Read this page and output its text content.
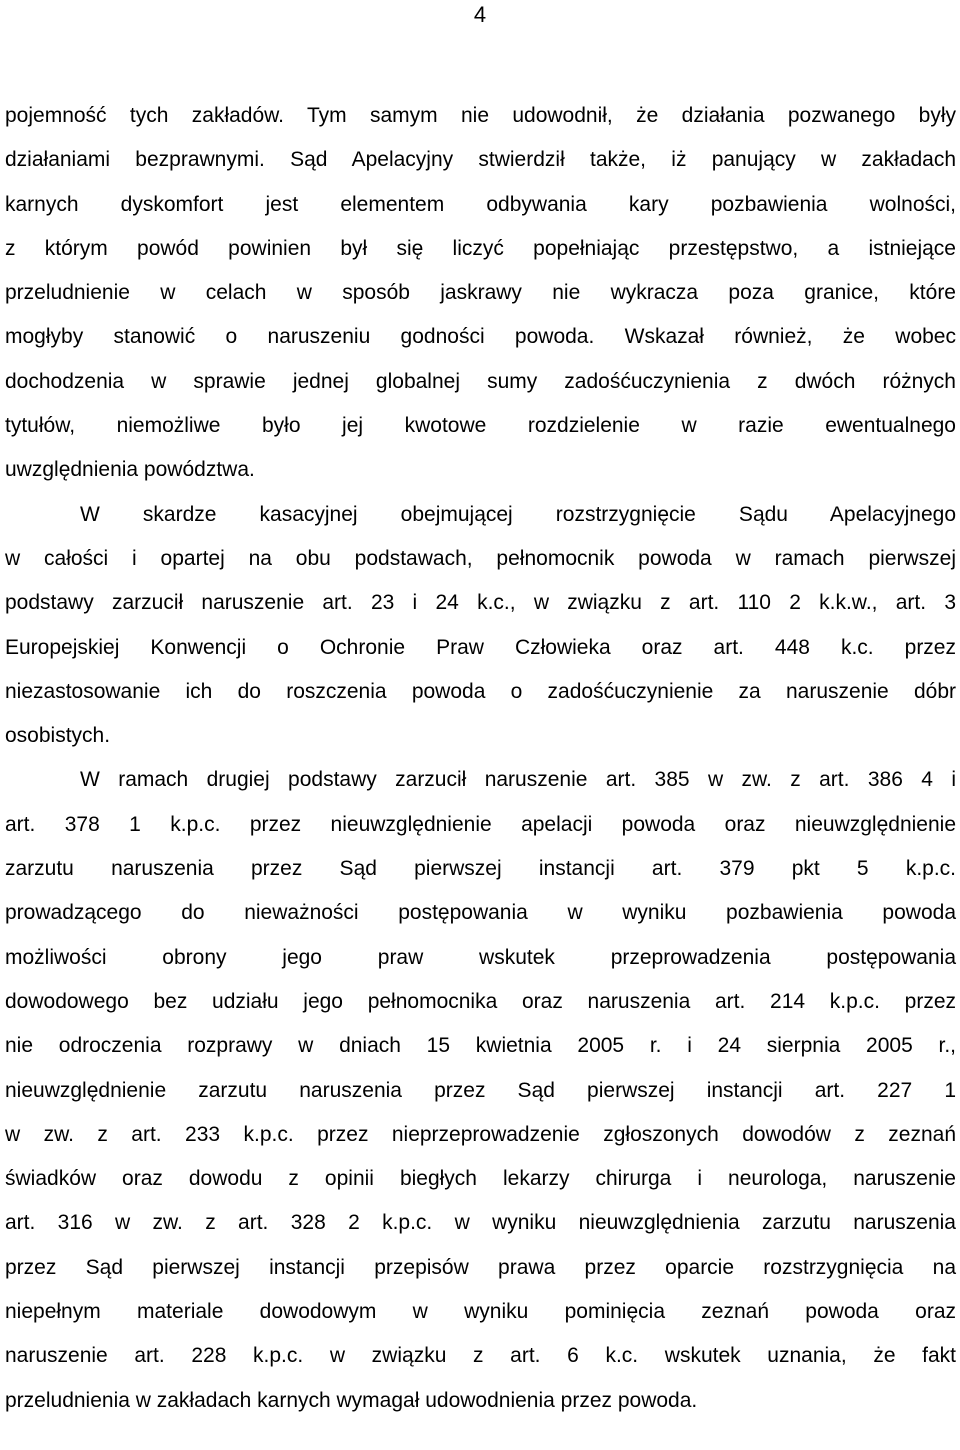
4
pojemność tych zakładów. Tym samym nie udowodnił, że działania pozwanego były
działaniami bezprawnymi. Sąd Apelacyjny stwierdził także, iż panujący w zakładach
karnych dyskomfort jest elementem odbywania kary pozbawienia wolności,
z którym powód powinien był się liczyć popełniając przestępstwo, a istniejące
przeludnienie w celach w sposób jaskrawy nie wykracza poza granice, które
mogłyby stanowić o naruszeniu godności powoda. Wskazał również, że wobec
dochodzenia w sprawie jednej globalnej sumy zadośćuczynienia z dwóch różnych
tytułów, niemożliwe było jej kwotowe rozdzielenie w razie ewentualnego
uwzględnienia powództwa.
W skardze kasacyjnej obejmującej rozstrzygnięcie Sądu Apelacyjnego
w całości i opartej na obu podstawach, pełnomocnik powoda w ramach pierwszej
podstawy zarzucił naruszenie art. 23 i 24 k.c., w związku z art. 110 2 k.k.w., art. 3
Europejskiej Konwencji o Ochronie Praw Człowieka oraz art. 448 k.c. przez
niezastosowanie ich do roszczenia powoda o zadośćuczynienie za naruszenie dóbr
osobistych.
W ramach drugiej podstawy zarzucił naruszenie art. 385 w zw. z art. 386 4 i
art. 378 1 k.p.c. przez nieuwzględnienie apelacji powoda oraz nieuwzględnienie
zarzutu naruszenia przez Sąd pierwszej instancji art. 379 pkt 5 k.p.c.
prowadzącego do nieważności postępowania w wyniku pozbawienia powoda
możliwości obrony jego praw wskutek przeprowadzenia postępowania
dowodowego bez udziału jego pełnomocnika oraz naruszenia art. 214 k.p.c. przez
nie odroczenia rozprawy w dniach 15 kwietnia 2005 r. i 24 sierpnia 2005 r.,
nieuwzględnienie zarzutu naruszenia przez Sąd pierwszej instancji art. 227 1
w zw. z art. 233 k.p.c. przez nieprzeprowadzenie zgłoszonych dowodów z zeznań
świadków oraz dowodu z opinii biegłych lekarzy chirurga i neurologa, naruszenie
art. 316 w zw. z art. 328 2 k.p.c. w wyniku nieuwzględnienia zarzutu naruszenia
przez Sąd pierwszej instancji przepisów prawa przez oparcie rozstrzygnięcia na
niepełnym materiale dowodowym w wyniku pominięcia zeznań powoda oraz
naruszenie art. 228 k.p.c. w związku z art. 6 k.c. wskutek uznania, że fakt
przeludnienia w zakładach karnych wymagał udowodnienia przez powoda.
